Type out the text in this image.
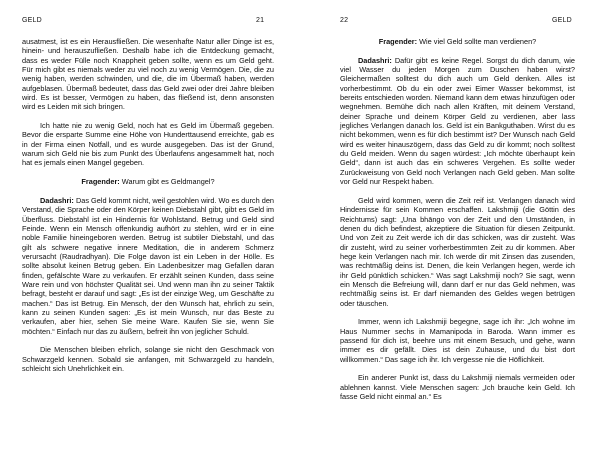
GELD	21

ausatmest, ist es ein Herausfließen. Die wesenhafte Natur aller Dinge ist es, hinein- und herauszufließen. Deshalb habe ich die Entdeckung gemacht, dass es weder Fülle noch Knappheit geben sollte, wenn es um Geld geht. Für mich gibt es niemals weder zu viel noch zu wenig Vermögen. Die, die zu wenig haben, werden schwinden, und die, die im Übermaß haben, werden aufgeblasen. Übermaß bedeutet, dass das Geld zwei oder drei Jahre bleiben wird. Es ist besser, Vermögen zu haben, das fließend ist, denn ansonsten wird es Leiden mit sich bringen.

Ich hatte nie zu wenig Geld, noch hat es Geld im Übermaß gegeben. Bevor die ersparte Summe eine Höhe von Hunderttausend erreichte, gab es in der Firma einen Notfall, und es wurde ausgegeben. Das ist der Grund, warum sich Geld nie bis zum Punkt des Überlaufens angesammelt hat, noch hat es jemals einen Mangel gegeben.

Fragender: Warum gibt es Geldmangel?

Dadashri: Das Geld kommt nicht, weil gestohlen wird. Wo es durch den Verstand, die Sprache oder den Körper keinen Diebstahl gibt, gibt es Geld im Überfluss. Diebstahl ist ein Hindernis für Wohlstand. Betrug und Geld sind Feinde. Wenn ein Mensch offenkundig aufhört zu stehlen, wird er in eine noble Familie hineingeboren werden. Betrug ist subtiler Diebstahl, und das gilt als schwere negative innere Meditation, die in anderem Schmerz verursacht (Raudradhyan). Die Folge davon ist ein Leben in der Hölle. Es sollte absolut keinen Betrug geben. Ein Ladenbesitzer mag Gefallen daran finden, gefälschte Ware zu verkaufen. Er erzählt seinen Kunden, dass seine Ware rein und von höchster Qualität sei. Und wenn man ihn zu seiner Taktik befragt, besteht er darauf und sagt: „Es ist der einzige Weg, um Geschäfte zu machen.“ Das ist Betrug. Ein Mensch, der den Wunsch hat, ehrlich zu sein, kann zu seinen Kunden sagen: „Es ist mein Wunsch, nur das Beste zu verkaufen, aber hier, sehen Sie meine Ware. Kaufen Sie sie, wenn Sie möchten.“ Einfach nur das zu äußern, befreit ihn von jeglicher Schuld.

Die Menschen bleiben ehrlich, solange sie nicht den Geschmack von Schwarzgeld kennen. Sobald sie anfangen, mit Schwarzgeld zu handeln, schleicht sich Unehrlichkeit ein.

22	GELD

Fragender: Wie viel Geld sollte man verdienen?

Dadashri: Dafür gibt es keine Regel. Sorgst du dich darum, wie viel Wasser du jeden Morgen zum Duschen haben wirst? Gleichermaßen solltest du dich auch um Geld denken. Alles ist vorherbestimmt. Ob du ein oder zwei Eimer Wasser bekommst, ist bereits entschieden worden. Niemand kann dem etwas hinzufügen oder wegnehmen. Bemühe dich nach allen Kräften, mit deinem Verstand, deiner Sprache und deinem Körper Geld zu verdienen, aber lass jegliches Verlangen danach los. Geld ist ein Bankguthaben. Wirst du es nicht bekommen, wenn es für dich bestimmt ist? Der Wunsch nach Geld wird es weiter hinauszögern, dass das Geld zu dir kommt; noch solltest du Geld meiden. Wenn du sagen würdest: „Ich möchte überhaupt kein Geld“, dann ist auch das ein schweres Vergehen. Es sollte weder Zurückweisung von Geld noch Verlangen nach Geld geben. Man sollte vor Geld nur Respekt haben.

Geld wird kommen, wenn die Zeit reif ist. Verlangen danach wird Hindernisse für sein Kommen erschaffen. Lakshmiji (die Göttin des Reichtums) sagt: „Una bhāngo von der Zeit und den Umständen, in denen du dich befindest, akzeptiere die Situation für diesen Zeitpunkt. Und von Zeit zu Zeit werde ich dir das schicken, was dir zusteht. Was dir zusteht, wird zu seiner vorherbestimmten Zeit zu dir kommen. Aber hege kein Verlangen nach mir. Ich werde dir mit Zinsen das zusenden, was rechtmäßig deins ist. Denen, die kein Verlangen hegen, werde ich ihr Geld pünktlich schicken.“ Was sagt Lakshmiji noch? Sie sagt, wenn ein Mensch die Befreiung will, dann darf er nur das Geld nehmen, was rechtmäßig seins ist. Er darf niemanden des Geldes wegen betrügen oder täuschen.

Immer, wenn ich Lakshmiji begegne, sage ich ihr: „Ich wohne im Haus Nummer sechs in Mamanipoda in Baroda. Wann immer es passend für dich ist, beehre uns mit einem Besuch, und gehe, wann immer es dir gefällt. Dies ist dein Zuhause, und du bist dort willkommen.“ Das sage ich ihr. Ich vergesse nie die Höflichkeit.

Ein anderer Punkt ist, dass du Lakshmiji niemals vermeiden oder ablehnen kannst. Viele Menschen sagen: „Ich brauche kein Geld. Ich fasse Geld nicht einmal an.“ Es
